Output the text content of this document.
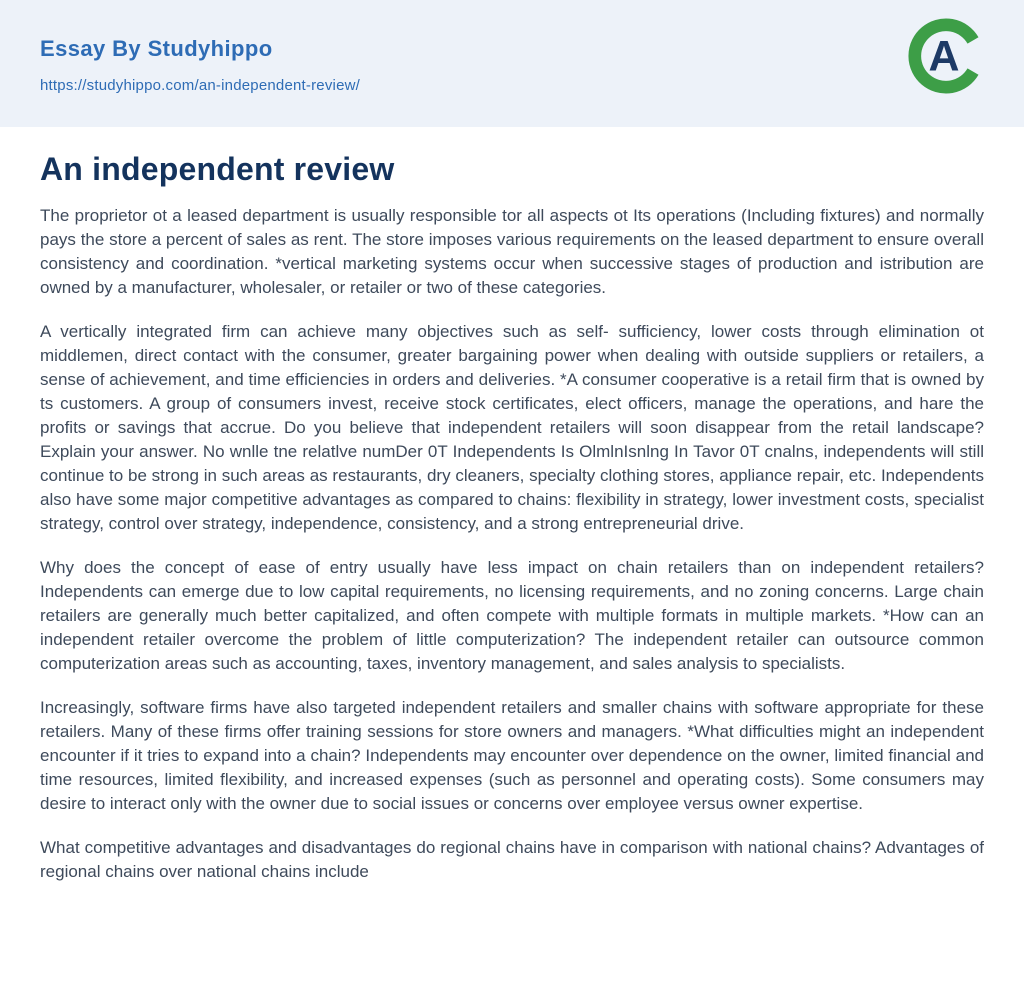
Essay By Studyhippo
https://studyhippo.com/an-independent-review/
A
An independent review

The proprietor ot a leased department is usually responsible tor all aspects ot Its operations (Including fixtures) and normally pays the store a percent of sales as rent. The store imposes various requirements on the leased department to ensure overall consistency and coordination. *vertical marketing systems occur when successive stages of production and istribution are owned by a manufacturer, wholesaler, or retailer or two of these categories.

A vertically integrated firm can achieve many objectives such as self- sufficiency, lower costs through elimination ot middlemen, direct contact with the consumer, greater bargaining power when dealing with outside suppliers or retailers, a sense of achievement, and time efficiencies in orders and deliveries. *A consumer cooperative is a retail firm that is owned by ts customers. A group of consumers invest, receive stock certificates, elect officers, manage the operations, and hare the profits or savings that accrue. Do you believe that independent retailers will soon disappear from the retail landscape? Explain your answer. No wnlle tne relatlve numDer 0T Independents Is OlmlnIsnlng In Tavor 0T cnalns, independents will still continue to be strong in such areas as restaurants, dry cleaners, specialty clothing stores, appliance repair, etc. Independents also have some major competitive advantages as compared to chains: flexibility in strategy, lower investment costs, specialist strategy, control over strategy, independence, consistency, and a strong entrepreneurial drive.

Why does the concept of ease of entry usually have less impact on chain retailers than on independent retailers? Independents can emerge due to low capital requirements, no licensing requirements, and no zoning concerns. Large chain retailers are generally much better capitalized, and often compete with multiple formats in multiple markets. *How can an independent retailer overcome the problem of little computerization? The independent retailer can outsource common computerization areas such as accounting, taxes, inventory management, and sales analysis to specialists.

Increasingly, software firms have also targeted independent retailers and smaller chains with software appropriate for these retailers. Many of these firms offer training sessions for store owners and managers. *What difficulties might an independent encounter if it tries to expand into a chain? Independents may encounter over dependence on the owner, limited financial and time resources, limited flexibility, and increased expenses (such as personnel and operating costs). Some consumers may desire to interact only with the owner due to social issues or concerns over employee versus owner expertise.

What competitive advantages and disadvantages do regional chains have in comparison with national chains? Advantages of regional chains over national chains include
